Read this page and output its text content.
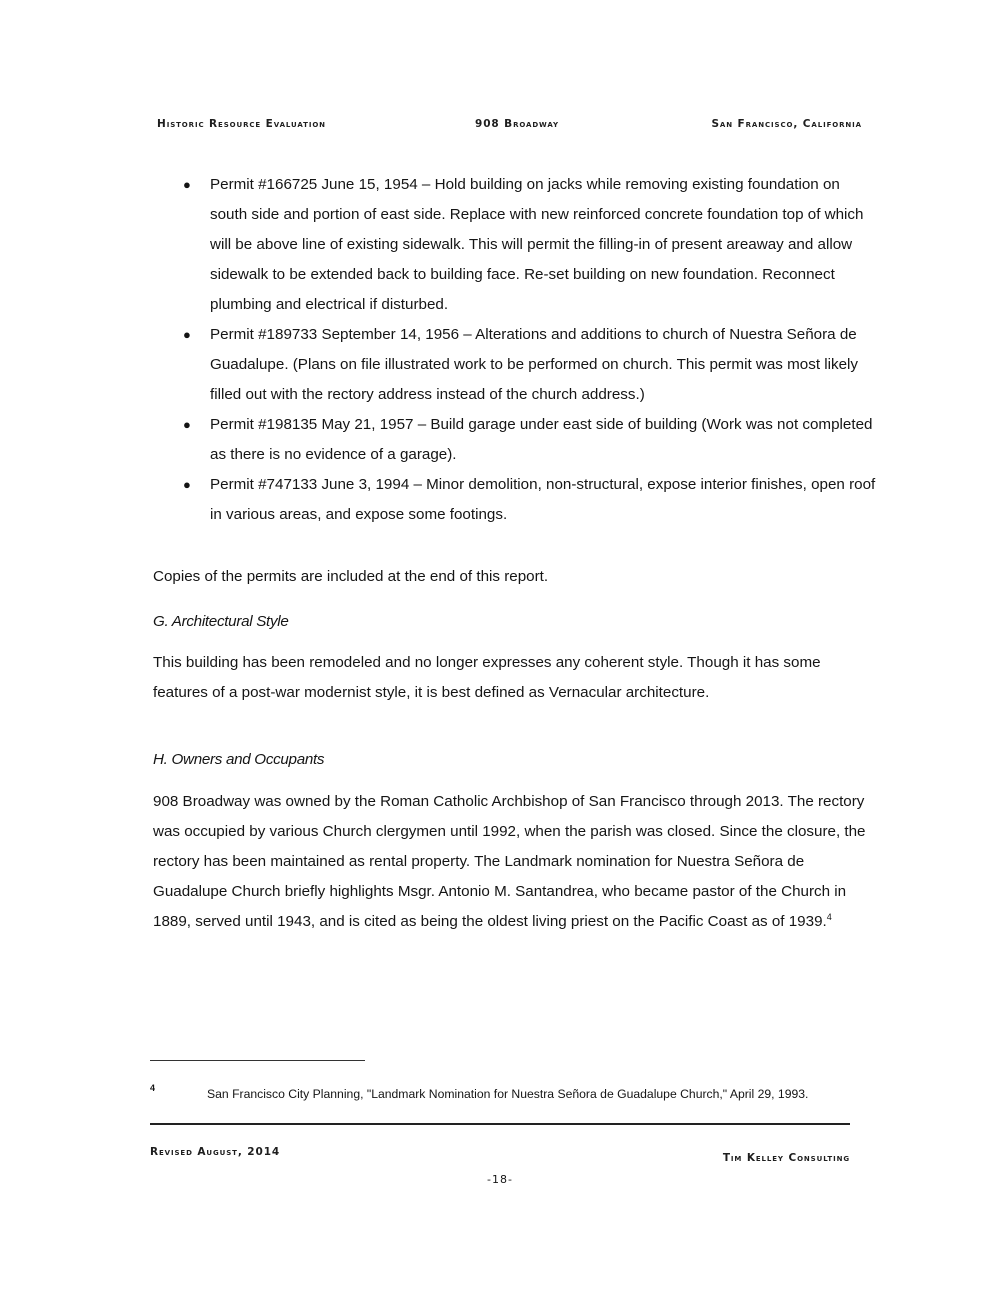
Historic Resource Evaluation	908 Broadway	San Francisco, California
● Permit #166725 June 15, 1954 – Hold building on jacks while removing existing foundation on south side and portion of east side. Replace with new reinforced concrete foundation top of which will be above line of existing sidewalk. This will permit the filling-in of present areaway and allow sidewalk to be extended back to building face. Re-set building on new foundation. Reconnect plumbing and electrical if disturbed.
● Permit #189733 September 14, 1956 – Alterations and additions to church of Nuestra Señora de Guadalupe. (Plans on file illustrated work to be performed on church. This permit was most likely filled out with the rectory address instead of the church address.)
● Permit #198135 May 21, 1957 – Build garage under east side of building (Work was not completed as there is no evidence of a garage).
● Permit #747133 June 3, 1994 – Minor demolition, non-structural, expose interior finishes, open roof in various areas, and expose some footings.

Copies of the permits are included at the end of this report.

G. Architectural Style

This building has been remodeled and no longer expresses any coherent style. Though it has some features of a post-war modernist style, it is best defined as Vernacular architecture.

H. Owners and Occupants

908 Broadway was owned by the Roman Catholic Archbishop of San Francisco through 2013. The rectory was occupied by various Church clergymen until 1992, when the parish was closed. Since the closure, the rectory has been maintained as rental property. The Landmark nomination for Nuestra Señora de Guadalupe Church briefly highlights Msgr. Antonio M. Santandrea, who became pastor of the Church in 1889, served until 1943, and is cited as being the oldest living priest on the Pacific Coast as of 1939.$^4$

4	San Francisco City Planning, "Landmark Nomination for Nuestra Señora de Guadalupe Church," April 29, 1993.
Revised August, 2014	Tim Kelley Consulting
-18-
